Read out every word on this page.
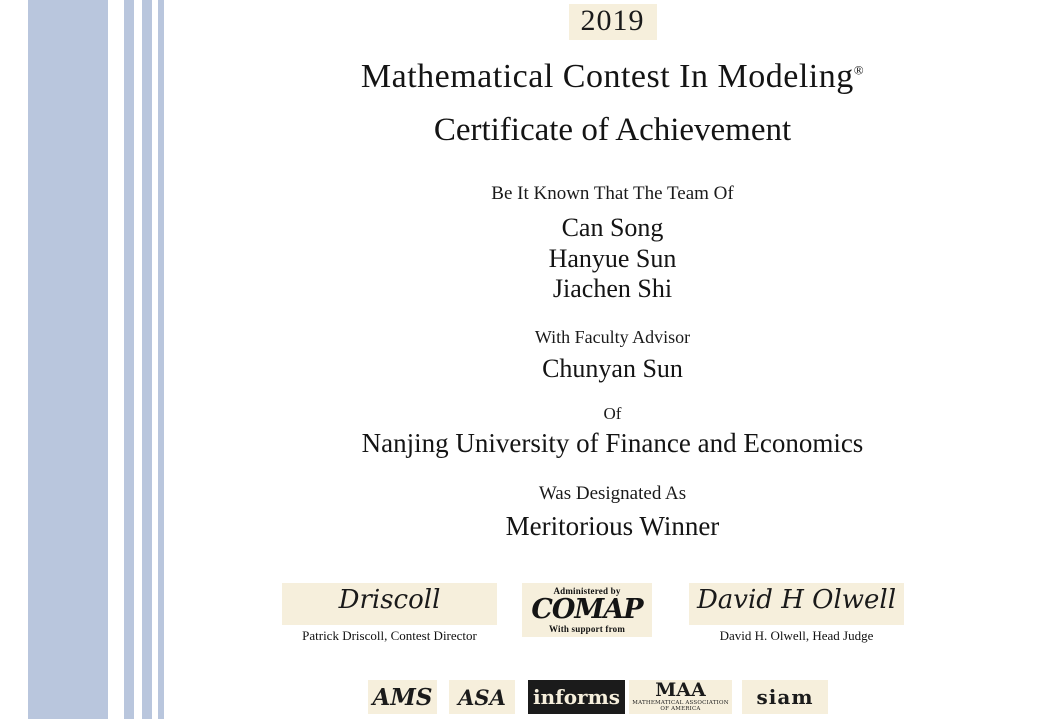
2019
Mathematical Contest In Modeling®
Certificate of Achievement
Be It Known That The Team Of
Can Song
Hanyue Sun
Jiachen Shi
With Faculty Advisor
Chunyan Sun
Of
Nanjing University of Finance and Economics
Was Designated As
Meritorious Winner
Driscoll
Patrick Driscoll, Contest Director
Administered by
COMAP
With support from
David H Olwell
David H. Olwell, Head Judge
AMS	ASA	informs MAA
MATHEMATICAL ASSOCIATION OF AMERICA	siam
